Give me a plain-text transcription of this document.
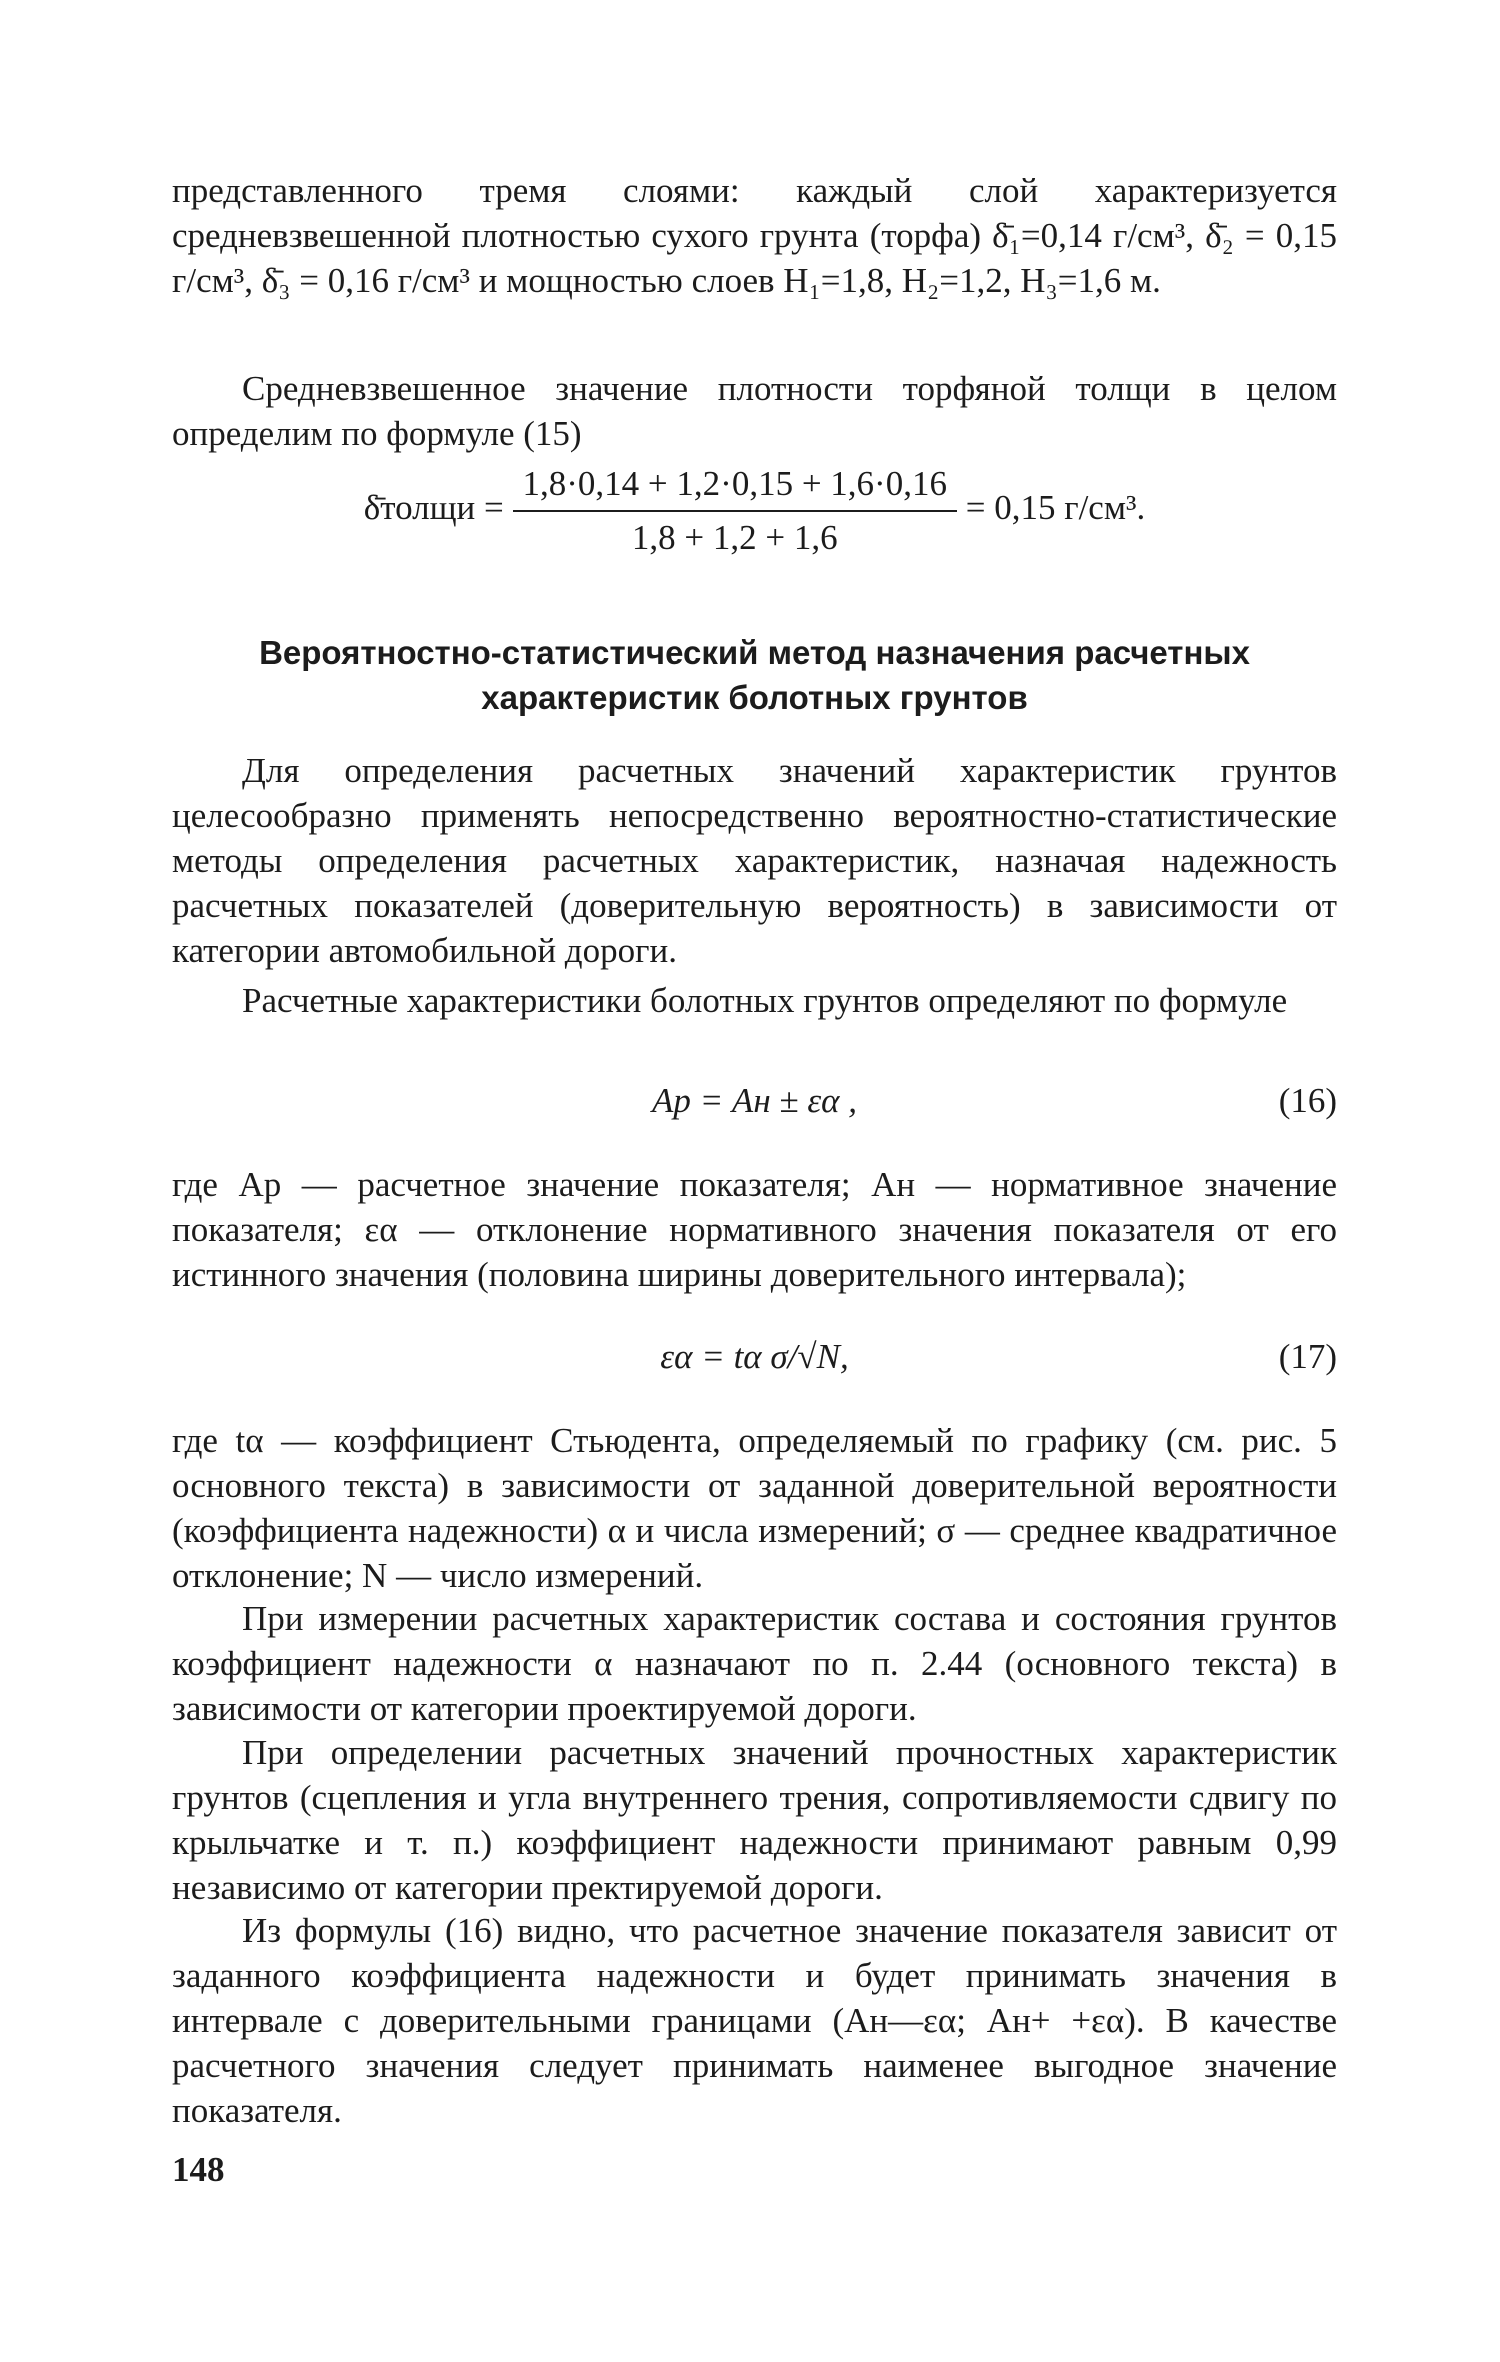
представленного тремя слоями: каждый слой характеризуется средневзвешенной плотностью сухого грунта (торфа) δ̄₁=0,14 г/см³, δ̄₂ = 0,15 г/см³, δ̄₃ = 0,16 г/см³ и мощностью слоев H₁=1,8, H₂=1,2, H₃=1,6 м.

Средневзвешенное значение плотности торфяной толщи в целом определим по формуле (15)

δ̄толщи = $\frac{1,8\cdot 0,14 + 1,2\cdot 0,15 + 1,6\cdot 0,16}{1,8 + 1,2 + 1,6} = 0,15$ г/см³.
Вероятностно-статистический метод назначения расчетных
характеристик болотных грунтов

Для определения расчетных значений характеристик грунтов целесообразно применять непосредственно вероятностно-статистические методы определения расчетных характеристик, назначая надежность расчетных показателей (доверительную вероятность) в зависимости от категории автомобильной дороги.

Расчетные характеристики болотных грунтов определяют по формуле

Aр = Aн ± εα ,	(16)

где Aр — расчетное значение показателя; Aн — нормативное значение показателя; εα — отклонение нормативного значения показателя от его истинного значения (половина ширины доверительного интервала);

εα = tα σ/√N,	(17)

где tα — коэффициент Стьюдента, определяемый по графику (см. рис. 5 основного текста) в зависимости от заданной доверительной вероятности (коэффициента надежности) α и числа измерений; σ — среднее квадратичное отклонение; N — число измерений.

При измерении расчетных характеристик состава и состояния грунтов коэффициент надежности α назначают по п. 2.44 (основного текста) в зависимости от категории проектируемой дороги.

При определении расчетных значений прочностных характеристик грунтов (сцепления и угла внутреннего трения, сопротивляемости сдвигу по крыльчатке и т. п.) коэффициент надежности принимают равным 0,99 независимо от категории пректируемой дороги.

Из формулы (16) видно, что расчетное значение показателя зависит от заданного коэффициента надежности и будет принимать значения в интервале с доверительными границами (Aн—εα; Aн+ +εα). В качестве расчетного значения следует принимать наименее выгодное значение показателя.

148
